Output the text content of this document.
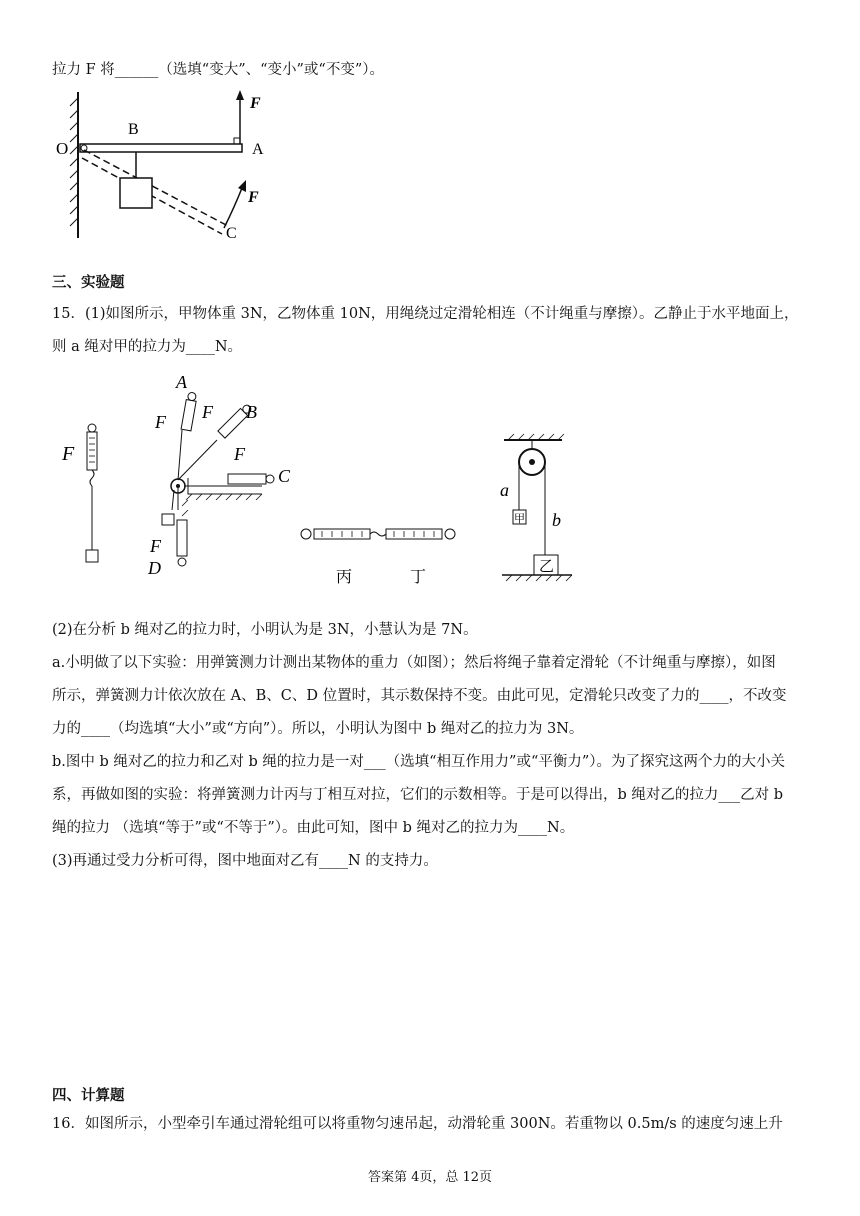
拉力 F 将______（选填“变大”、“变小”或“不变”）。
O
B
A
C
F
F
三、实验题
15．(1)如图所示，甲物体重 3N，乙物体重 10N，用绳绕过定滑轮相连（不计绳重与摩擦）。乙静止于水平地面上，
则 a 绳对甲的拉力为____N。
F
A
B
C
D
F F
F
F
丙	丁
a
b
甲
乙
(2)在分析 b 绳对乙的拉力时，小明认为是 3N，小慧认为是 7N。
a.小明做了以下实验：用弹簧测力计测出某物体的重力（如图）；然后将绳子靠着定滑轮（不计绳重与摩擦），如图
所示，弹簧测力计依次放在 A、B、C、D 位置时，其示数保持不变。由此可见，定滑轮只改变了力的____，不改变
力的____（均选填“大小”或“方向”）。所以，小明认为图中 b 绳对乙的拉力为 3N。
b.图中 b 绳对乙的拉力和乙对 b 绳的拉力是一对___（选填“相互作用力”或“平衡力”）。为了探究这两个力的大小关
系，再做如图的实验：将弹簧测力计丙与丁相互对拉，它们的示数相等。于是可以得出，b 绳对乙的拉力___乙对 b
绳的拉力 （选填“等于”或“不等于”）。由此可知，图中 b 绳对乙的拉力为____N。
(3)再通过受力分析可得，图中地面对乙有____N 的支持力。
四、计算题
16．如图所示，小型牵引车通过滑轮组可以将重物匀速吊起，动滑轮重 300N。若重物以 0.5m/s 的速度匀速上升
答案第 4页，总 12页
